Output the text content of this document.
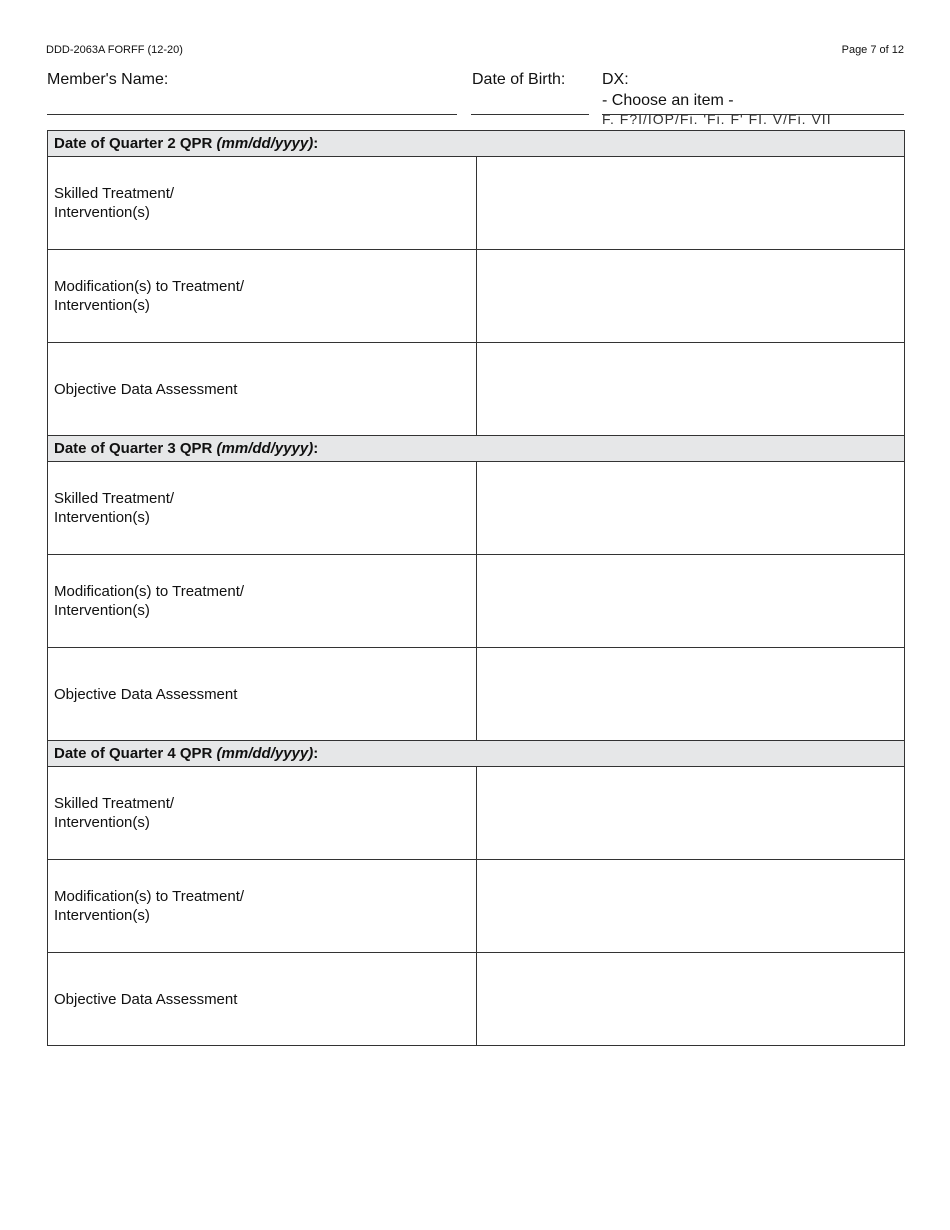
DDD-2063A FORFF (12-20)	Page 7 of 12
Member's Name:	Date of Birth: DX:
- Choose an item -
F. F?I/IOP/Fi. 'Fi. F' FI. V/Fi. VII
Date of Quarter 2 QPR (mm/dd/yyyy):	
Skilled Treatment/
Intervention(s)	
Modification(s) to Treatment/
Intervention(s)	
Objective Data Assessment	
Date of Quarter 3 QPR (mm/dd/yyyy):	
Skilled Treatment/
Intervention(s)	
Modification(s) to Treatment/
Intervention(s)	
Objective Data Assessment	
Date of Quarter 4 QPR (mm/dd/yyyy):	
Skilled Treatment/
Intervention(s)	
Modification(s) to Treatment/
Intervention(s)	
Objective Data Assessment	
